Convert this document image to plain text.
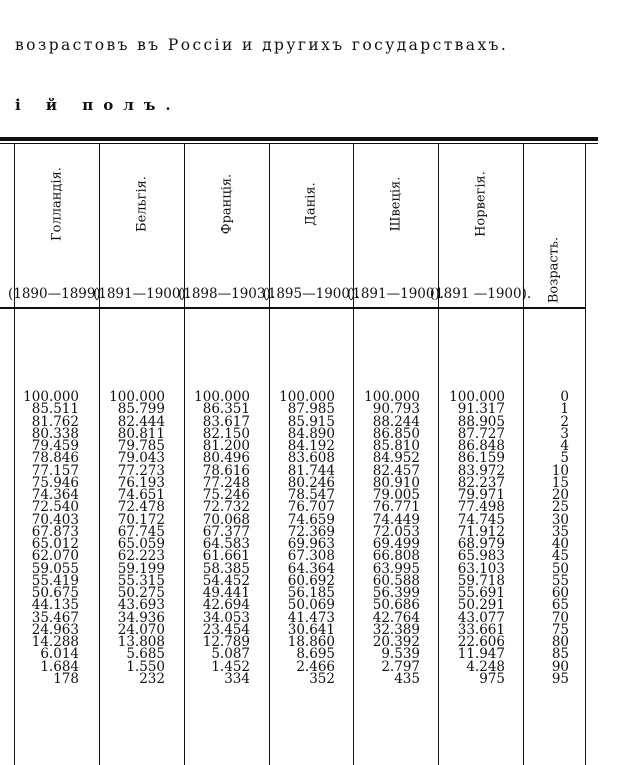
возрастовъ въ Россіи и другихъ государствахъ.
і й полъ.
Голландія.
(1890—1899).
Бельгія.
(1891—1900).
Франція.
(1898—1903).
Данія.
(1895—1900).
Швеція.
(1891—1900).
Норвегія.
(1891 —1900). Возрасть.
100.000
85.511
81.762
80.338
79.459
78.846
77.157
75.946
74.364
72.540
70.403
67.873
65.012
62.070
59.055
55.419
50.675
44.135
35.467
24.963
14.288
6.014
1.684
178
100.000
85.799
82.444
80.811
79.785
79.043
77.273
76.193
74.651
72.478
70.172
67.745
65.059
62.223
59.199
55.315
50.275
43.693
34.936
24.070
13.808
5.685
1.550
232
100.000
86.351
83.617
82.150
81.200
80.496
78.616
77.248
75.246
72.732
70.068
67.377
64.583
61.661
58.385
54.452
49.441
42.694
34.053
23.454
12.789
5.087
1.452
334
100.000
87.985
85.915
84.890
84.192
83.608
81.744
80.246
78.547
76.707
74.659
72.369
69.963
67.308
64.364
60.692
56.185
50.069
41.473
30.641
18.860
8.695
2.466
352
100.000
90.793
88.244
86.850
85.810
84.952
82.457
80.910
79.005
76.771
74.449
72.053
69.499
66.808
63.995
60.588
56.399
50.686
42.764
32.389
20.392
9.539
2.797
435
100.000
91.317
88.905
87.727
86.848
86.159
83.972
82.237
79.971
77.498
74.745
71.912
68.979
65.983
63.103
59.718
55.691
50.291
43.077
33.661
22.606
11.947
4.248
975
0
1
2
3
4
5
10
15
20
25
30
35
40
45
50
55
60
65
70
75
80
85
90
95
